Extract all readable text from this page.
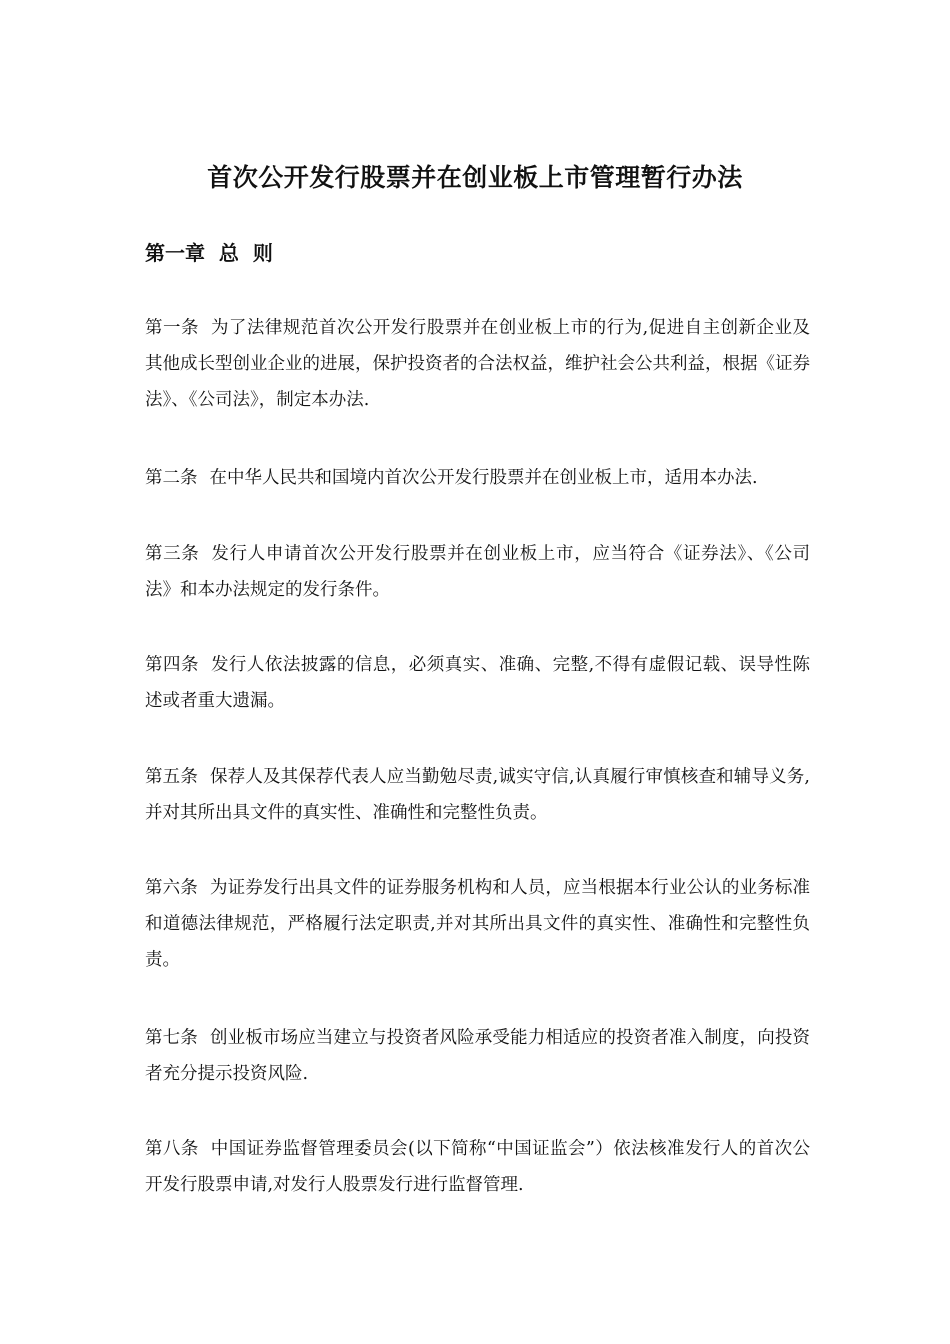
首次公开发行股票并在创业板上市管理暂行办法
第一章  总  则

第一条 为了法律规范首次公开发行股票并在创业板上市的行为,促进自主创新企业及其他成长型创业企业的进展，保护投资者的合法权益，维护社会公共利益，根据《证券法》、《公司法》，制定本办法.

第二条 在中华人民共和国境内首次公开发行股票并在创业板上市，适用本办法.

第三条 发行人申请首次公开发行股票并在创业板上市，应当符合《证券法》、《公司法》和本办法规定的发行条件。

第四条 发行人依法披露的信息，必须真实、准确、完整,不得有虚假记载、误导性陈述或者重大遗漏。

第五条 保荐人及其保荐代表人应当勤勉尽责,诚实守信,认真履行审慎核查和辅导义务,并对其所出具文件的真实性、准确性和完整性负责。

第六条 为证券发行出具文件的证券服务机构和人员，应当根据本行业公认的业务标准和道德法律规范，严格履行法定职责,并对其所出具文件的真实性、准确性和完整性负责。

第七条 创业板市场应当建立与投资者风险承受能力相适应的投资者准入制度，向投资者充分提示投资风险.

第八条 中国证券监督管理委员会(以下简称“中国证监会”）依法核准发行人的首次公开发行股票申请,对发行人股票发行进行监督管理.
